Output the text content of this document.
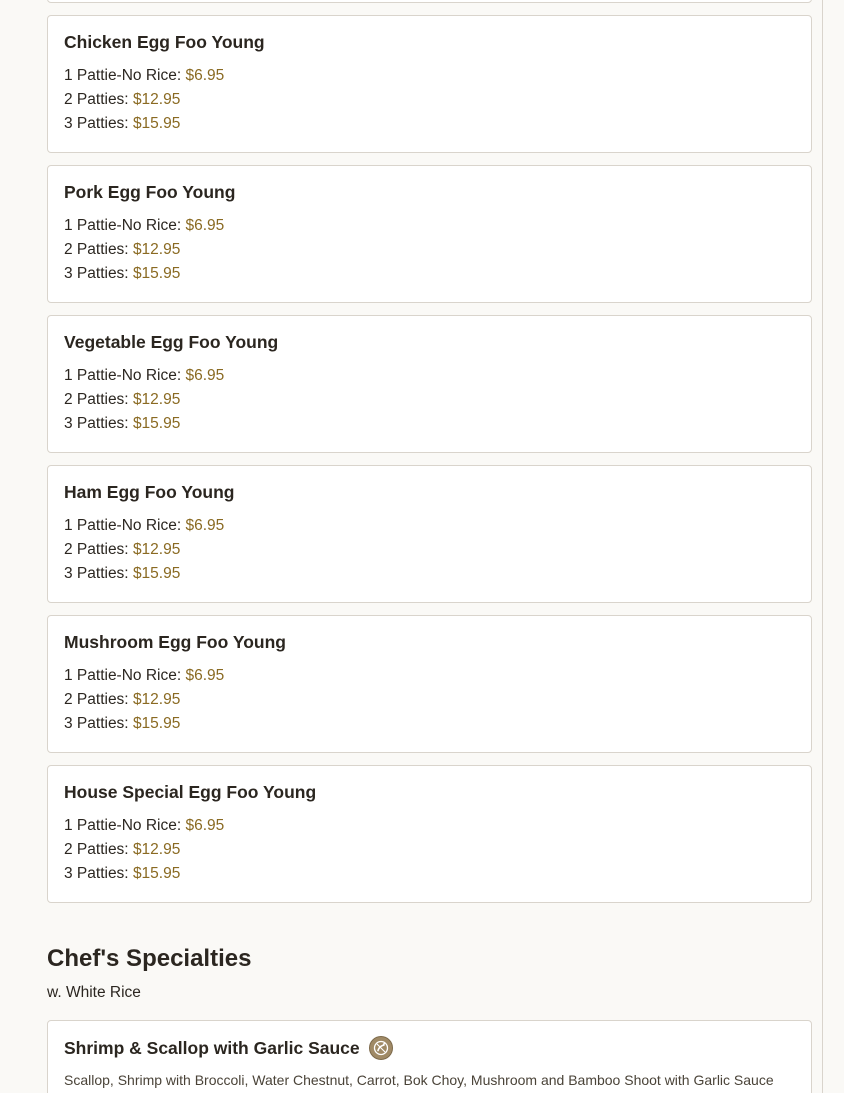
Chicken Egg Foo Young
1 Pattie-No Rice: $6.95
2 Patties: $12.95
3 Patties: $15.95
Pork Egg Foo Young
1 Pattie-No Rice: $6.95
2 Patties: $12.95
3 Patties: $15.95
Vegetable Egg Foo Young
1 Pattie-No Rice: $6.95
2 Patties: $12.95
3 Patties: $15.95
Ham Egg Foo Young
1 Pattie-No Rice: $6.95
2 Patties: $12.95
3 Patties: $15.95
Mushroom Egg Foo Young
1 Pattie-No Rice: $6.95
2 Patties: $12.95
3 Patties: $15.95
House Special Egg Foo Young
1 Pattie-No Rice: $6.95
2 Patties: $12.95
3 Patties: $15.95
Chef's Specialties
w. White Rice
Shrimp & Scallop with Garlic Sauce
Scallop, Shrimp with Broccoli, Water Chestnut, Carrot, Bok Choy, Mushroom and Bamboo Shoot with Garlic Sauce
